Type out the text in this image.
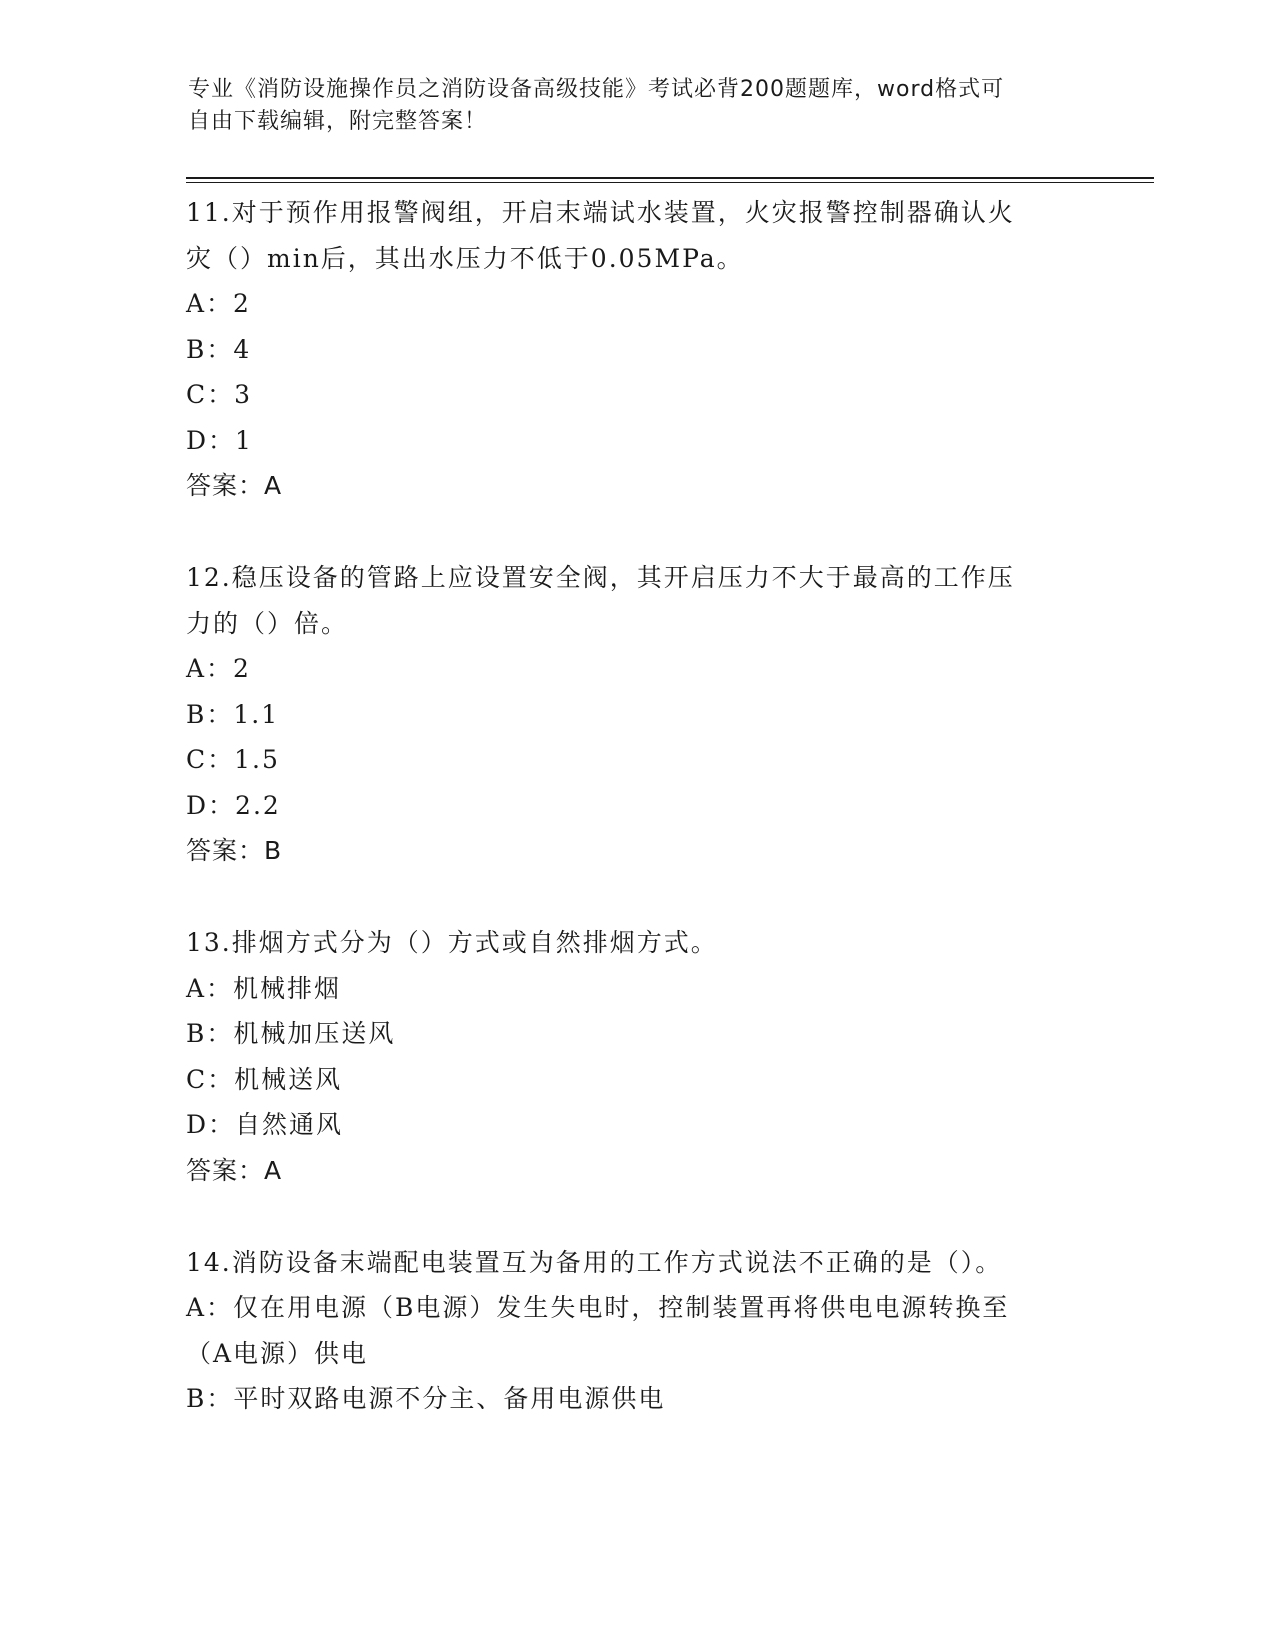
专业《消防设施操作员之消防设备高级技能》考试必背200题题库，word格式可
自由下载编辑，附完整答案！
11.对于预作用报警阀组，开启末端试水装置，火灾报警控制器确认火
灾（）min后，其出水压力不低于0.05MPa。
A：2
B：4
C：3
D：1
答案：A
12.稳压设备的管路上应设置安全阀，其开启压力不大于最高的工作压
力的（）倍。
A：2
B：1.1
C：1.5
D：2.2
答案：B
13.排烟方式分为（）方式或自然排烟方式。
A：机械排烟
B：机械加压送风
C：机械送风
D：自然通风
答案：A
14.消防设备末端配电装置互为备用的工作方式说法不正确的是（）。
A：仅在用电源（B电源）发生失电时，控制装置再将供电电源转换至
（A电源）供电
B：平时双路电源不分主、备用电源供电
